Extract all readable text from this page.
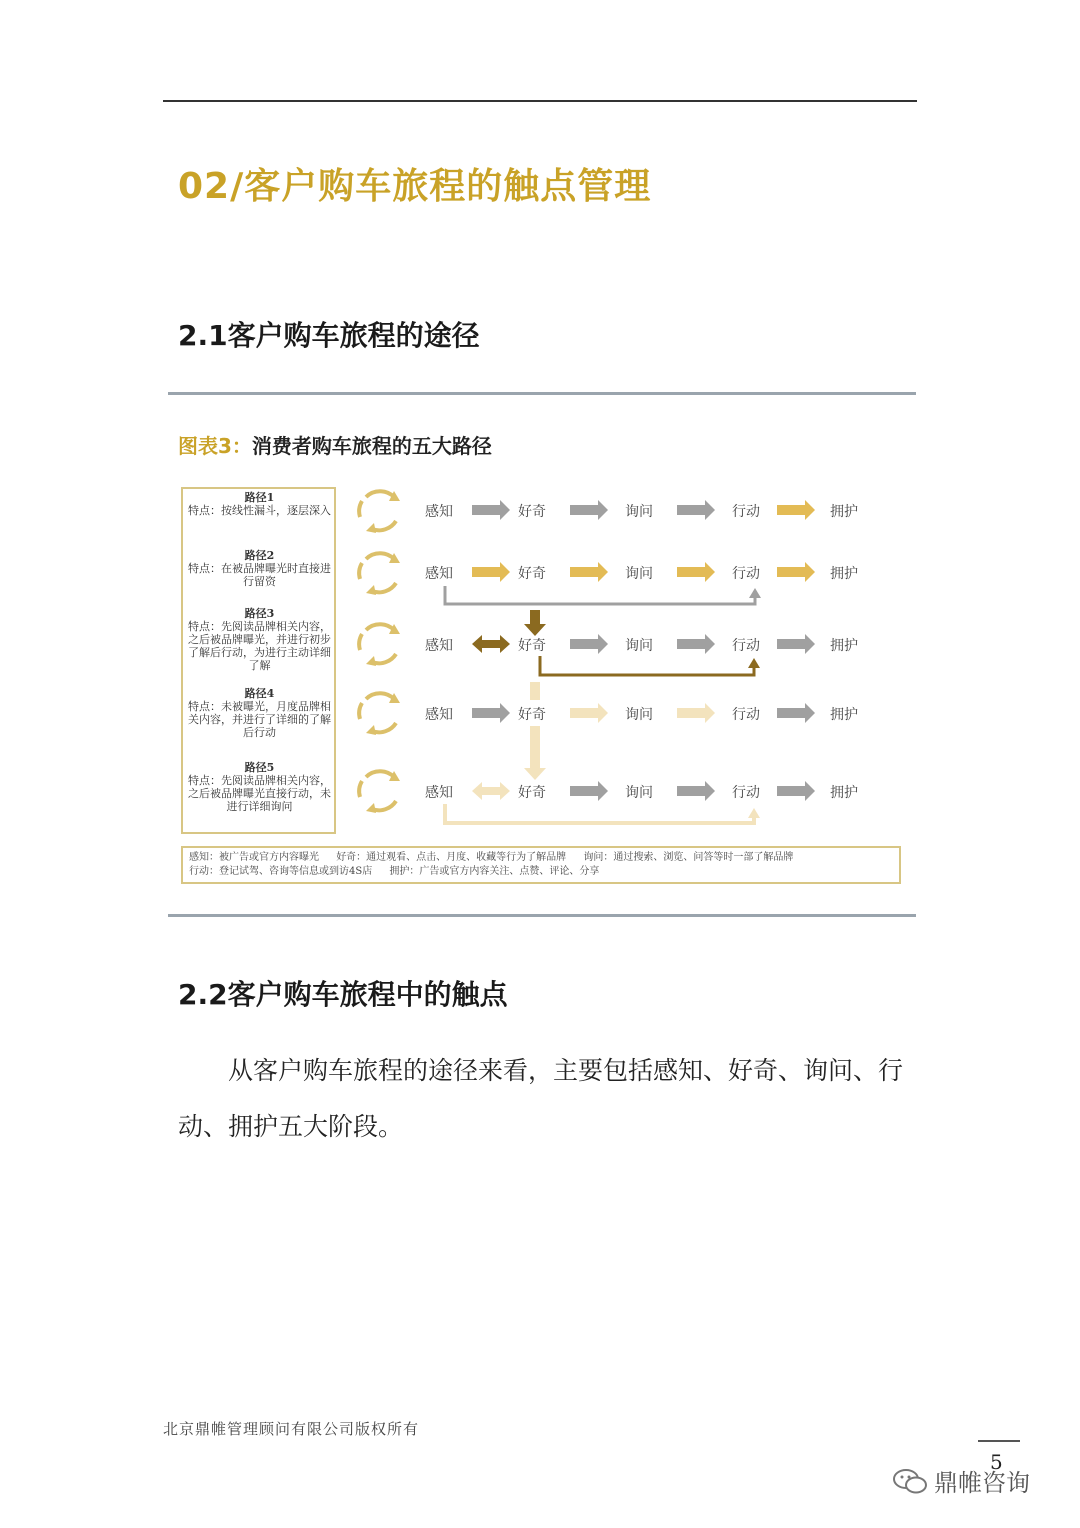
02/客户购车旅程的触点管理
2.1客户购车旅程的途径
图表3：消费者购车旅程的五大路径
路径1
特点：按线性漏斗，逐层深入
路径2
特点：在被品牌曝光时直接进行留资
路径3
特点：先阅读品牌相关内容，之后被品牌曝光，并进行初步了解后行动，为进行主动详细了解
路径4
特点：未被曝光，月度品牌相关内容，并进行了详细的了解后行动
路径5
特点：先阅读品牌相关内容，之后被品牌曝光直接行动，未进行详细询问
感知	好奇	询问	行动	拥护
感知	好奇	询问	行动	拥护
感知	好奇	询问	行动	拥护
感知	好奇	询问	行动	拥护
感知	好奇	询问	行动	拥护
感知：被广告或官方内容曝光 好奇：通过观看、点击、月度、收藏等行为了解品牌 询问：通过搜索、浏览、问答等时一部了解品牌
行动：登记试驾、咨询等信息或到访4S店 拥护：广告或官方内容关注、点赞、评论、分享
2.2客户购车旅程中的触点
从客户购车旅程的途径来看，主要包括感知、好奇、询问、行动、拥护五大阶段。
北京鼎帷管理顾问有限公司版权所有
5
鼎帷咨询
